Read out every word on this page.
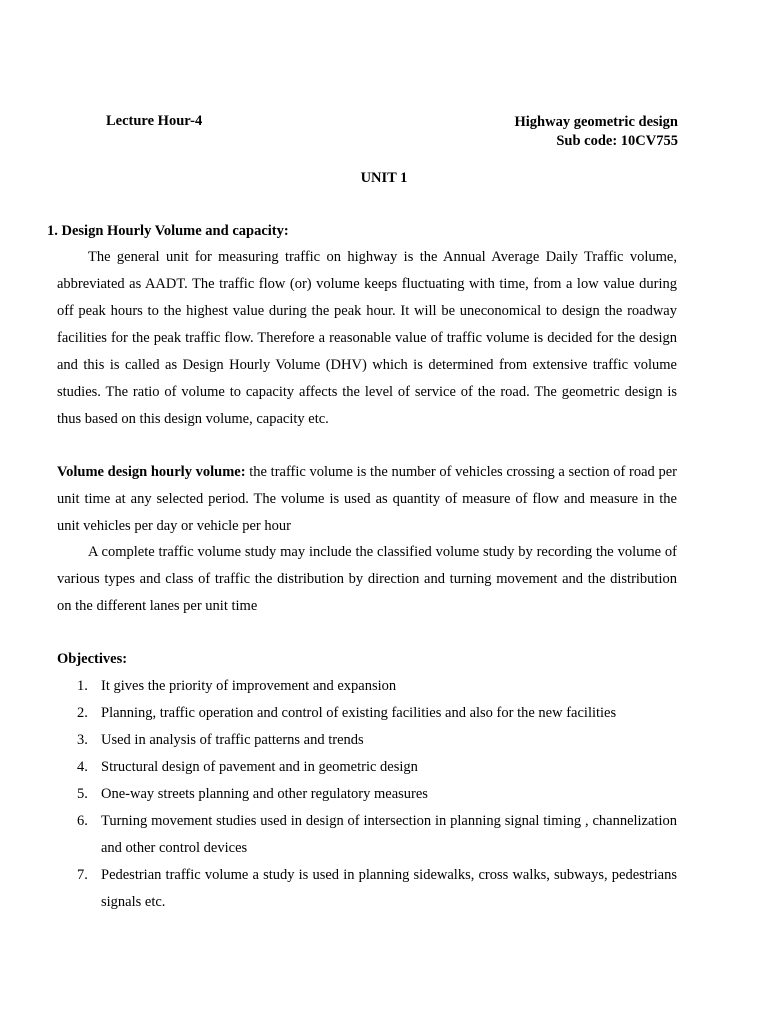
Lecture Hour-4	Highway geometric design
Sub code: 10CV755
UNIT 1
1. Design Hourly Volume and capacity:

The general unit for measuring traffic on highway is the Annual Average Daily Traffic volume, abbreviated as AADT. The traffic flow (or) volume keeps fluctuating with time, from a low value during off peak hours to the highest value during the peak hour. It will be uneconomical to design the roadway facilities for the peak traffic flow. Therefore a reasonable value of traffic volume is decided for the design and this is called as Design Hourly Volume (DHV) which is determined from extensive traffic volume studies. The ratio of volume to capacity affects the level of service of the road. The geometric design is thus based on this design volume, capacity etc.

Volume design hourly volume: the traffic volume is the number of vehicles crossing a section of road per unit time at any selected period. The volume is used as quantity of measure of flow and measure in the unit vehicles per day or vehicle per hour

A complete traffic volume study may include the classified volume study by recording the volume of various types and class of traffic the distribution by direction and turning movement and the distribution on the different lanes per unit time

Objectives:
1. It gives the priority of improvement and expansion
2. Planning, traffic operation and control of existing facilities and also for the new facilities
3. Used in analysis of traffic patterns and trends
4. Structural design of pavement and in geometric design
5. One-way streets planning and other regulatory measures
6. Turning movement studies used in design of intersection in planning signal timing , channelization and other control devices
7. Pedestrian traffic volume a study is used in planning sidewalks, cross walks, subways, pedestrians signals etc.
